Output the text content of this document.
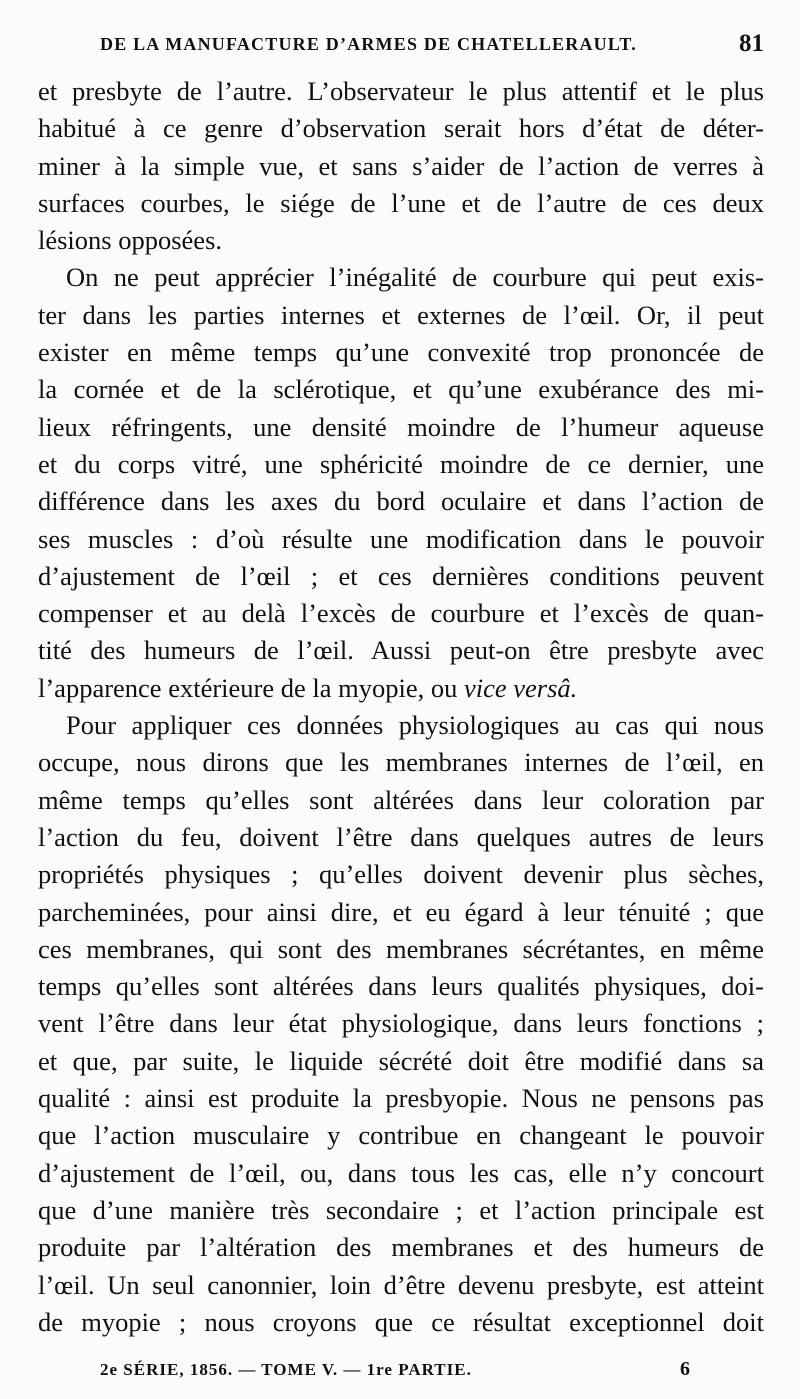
DE LA MANUFACTURE D’ARMES DE CHATELLERAULT.	81
et presbyte de l’autre. L’observateur le plus attentif et le plus
habitué à ce genre d’observation serait hors d’état de déter-
miner à la simple vue, et sans s’aider de l’action de verres à
surfaces courbes, le siége de l’une et de l’autre de ces deux
lésions opposées.
On ne peut apprécier l’inégalité de courbure qui peut exis-
ter dans les parties internes et externes de l’œil. Or, il peut
exister en même temps qu’une convexité trop prononcée de
la cornée et de la sclérotique, et qu’une exubérance des mi-
lieux réfringents, une densité moindre de l’humeur aqueuse
et du corps vitré, une sphéricité moindre de ce dernier, une
différence dans les axes du bord oculaire et dans l’action de
ses muscles : d’où résulte une modification dans le pouvoir
d’ajustement de l’œil ; et ces dernières conditions peuvent
compenser et au delà l’excès de courbure et l’excès de quan-
tité des humeurs de l’œil. Aussi peut-on être presbyte avec
l’apparence extérieure de la myopie, ou vice versâ.
Pour appliquer ces données physiologiques au cas qui nous
occupe, nous dirons que les membranes internes de l’œil, en
même temps qu’elles sont altérées dans leur coloration par
l’action du feu, doivent l’être dans quelques autres de leurs
propriétés physiques ; qu’elles doivent devenir plus sèches,
parcheminées, pour ainsi dire, et eu égard à leur ténuité ; que
ces membranes, qui sont des membranes sécrétantes, en même
temps qu’elles sont altérées dans leurs qualités physiques, doi-
vent l’être dans leur état physiologique, dans leurs fonctions ;
et que, par suite, le liquide sécrété doit être modifié dans sa
qualité : ainsi est produite la presbyopie. Nous ne pensons pas
que l’action musculaire y contribue en changeant le pouvoir
d’ajustement de l’œil, ou, dans tous les cas, elle n’y concourt
que d’une manière très secondaire ; et l’action principale est
produite par l’altération des membranes et des humeurs de
l’œil. Un seul canonnier, loin d’être devenu presbyte, est atteint
de myopie ; nous croyons que ce résultat exceptionnel doit
2e SÉRIE, 1856. — TOME V. — 1re PARTIE.	6
